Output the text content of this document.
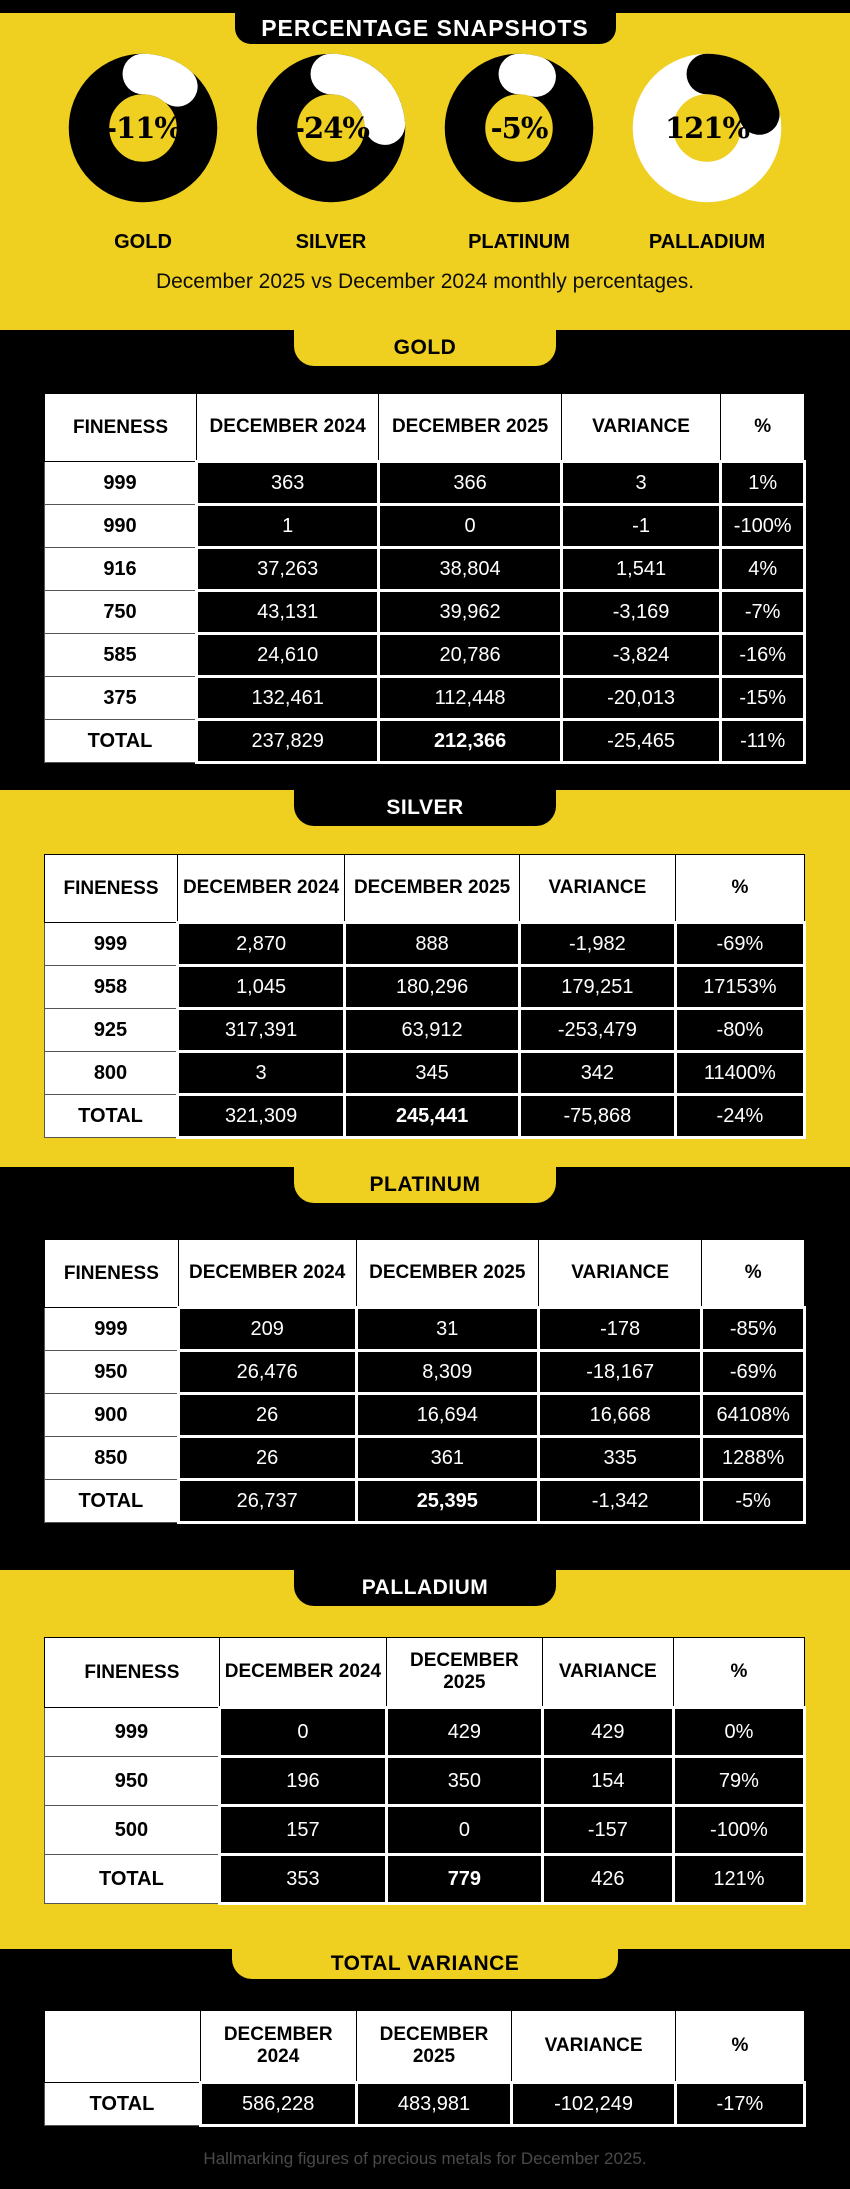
PERCENTAGE SNAPSHOTS
-11%
GOLD
-24%
SILVER
-5%
PLATINUM
121%
PALLADIUM
December 2025 vs December 2024 monthly percentages.
GOLD
FINENESS	DECEMBER 2024	DECEMBER 2025	VARIANCE	%
999	363	366	3	1%
990	1	0	-1	-100%
916	37,263	38,804	1,541	4%
750	43,131	39,962	-3,169	-7%
585	24,610	20,786	-3,824	-16%
375	132,461	112,448	-20,013	-15%
TOTAL	237,829	212,366	-25,465	-11%
SILVER
FINENESS	DECEMBER 2024	DECEMBER 2025	VARIANCE	%
999	2,870	888	-1,982	-69%
958	1,045	180,296	179,251	17153%
925	317,391	63,912	-253,479	-80%
800	3	345	342	11400%
TOTAL	321,309	245,441	-75,868	-24%
PLATINUM
FINENESS	DECEMBER 2024	DECEMBER 2025	VARIANCE	%
999	209	31	-178	-85%
950	26,476	8,309	-18,167	-69%
900	26	16,694	16,668	64108%
850	26	361	335	1288%
TOTAL	26,737	25,395	-1,342	-5%
PALLADIUM
FINENESS	DECEMBER 2024	DECEMBER 2025	VARIANCE	%
999	0	429	429	0%
950	196	350	154	79%
500	157	0	-157	-100%
TOTAL	353	779	426	121%
TOTAL VARIANCE
	DECEMBER 2024	DECEMBER 2025	VARIANCE	%
TOTAL	586,228	483,981	-102,249	-17%
Hallmarking figures of precious metals for December 2025.
